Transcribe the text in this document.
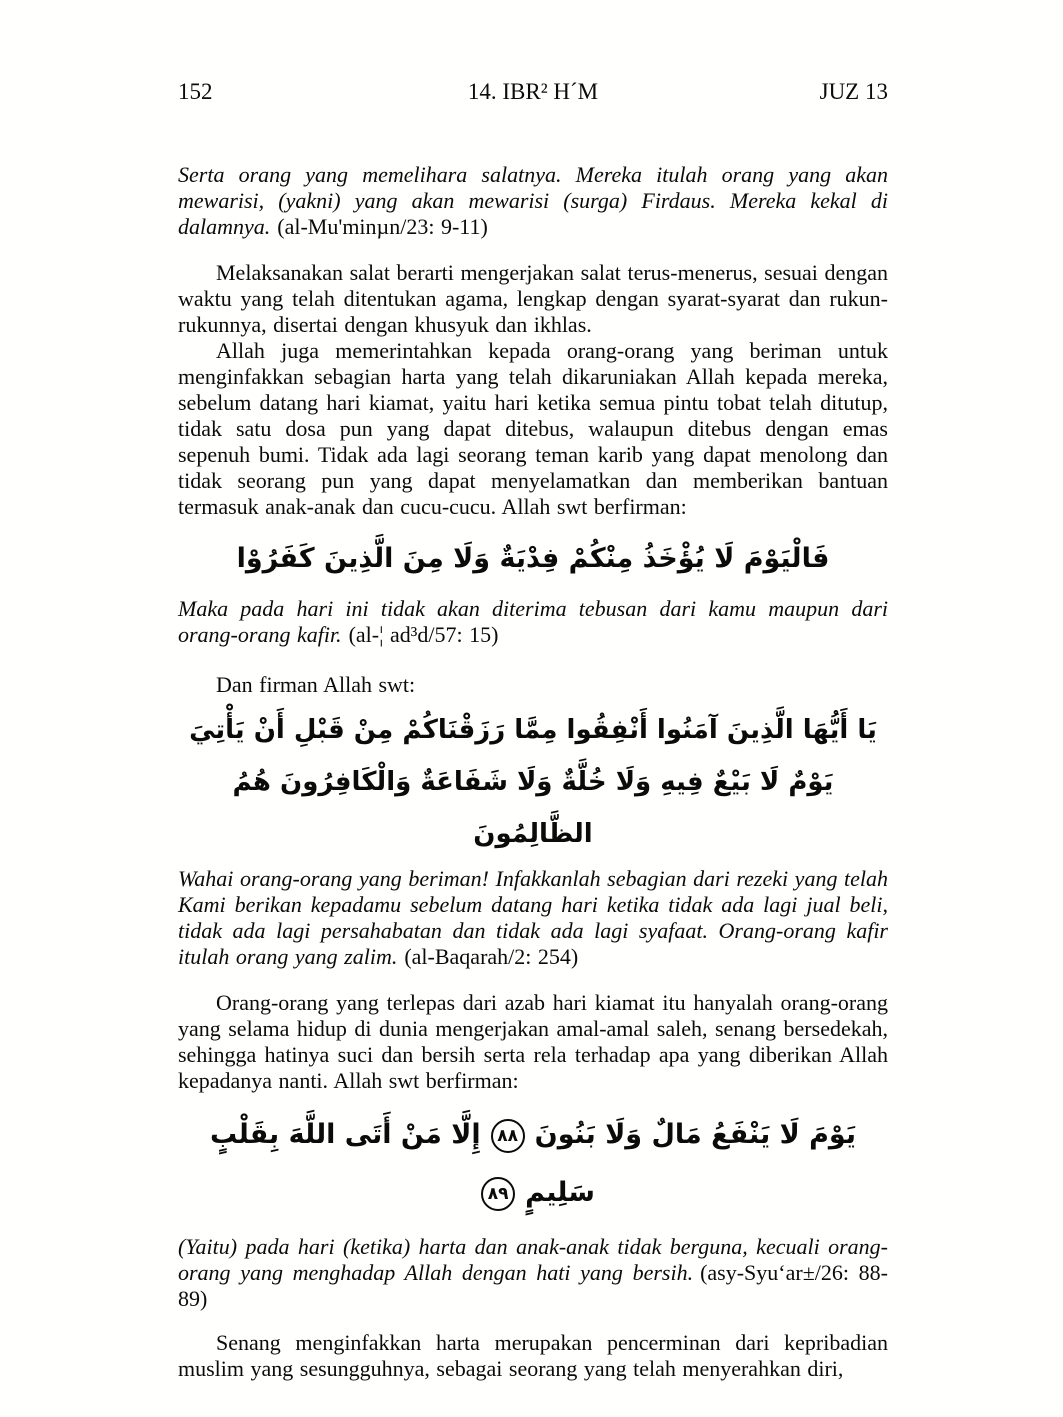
152	14. IBR² H´M	JUZ 13

Serta orang yang memelihara salatnya. Mereka itulah orang yang akan mewarisi, (yakni) yang akan mewarisi (surga) Firdaus. Mereka kekal di dalamnya. (al-Mu'minµn/23: 9-11)

Melaksanakan salat berarti mengerjakan salat terus-menerus, sesuai dengan waktu yang telah ditentukan agama, lengkap dengan syarat-syarat dan rukun-rukunnya, disertai dengan khusyuk dan ikhlas.

Allah juga memerintahkan kepada orang-orang yang beriman untuk menginfakkan sebagian harta yang telah dikaruniakan Allah kepada mereka, sebelum datang hari kiamat, yaitu hari ketika semua pintu tobat telah ditutup, tidak satu dosa pun yang dapat ditebus, walaupun ditebus dengan emas sepenuh bumi. Tidak ada lagi seorang teman karib yang dapat menolong dan tidak seorang pun yang dapat menyelamatkan dan memberikan bantuan termasuk anak-anak dan cucu-cucu. Allah swt berfirman:

فَالْيَوْمَ لَا يُؤْخَذُ مِنْكُمْ فِدْيَةٌ وَلَا مِنَ الَّذِينَ كَفَرُوْا

Maka pada hari ini tidak akan diterima tebusan dari kamu maupun dari orang-orang kafir. (al-¦ ad³d/57: 15)

Dan firman Allah swt:

يَا أَيُّهَا الَّذِينَ آمَنُوا أَنْفِقُوا مِمَّا رَزَقْنَاكُمْ مِنْ قَبْلِ أَنْ يَأْتِيَ يَوْمٌ لَا بَيْعٌ فِيهِ وَلَا خُلَّةٌ وَلَا شَفَاعَةٌ وَالْكَافِرُونَ هُمُ الظَّالِمُونَ

Wahai orang-orang yang beriman! Infakkanlah sebagian dari rezeki yang telah Kami berikan kepadamu sebelum datang hari ketika tidak ada lagi jual beli, tidak ada lagi persahabatan dan tidak ada lagi syafaat. Orang-orang kafir itulah orang yang zalim. (al-Baqarah/2: 254)

Orang-orang yang terlepas dari azab hari kiamat itu hanyalah orang-orang yang selama hidup di dunia mengerjakan amal-amal saleh, senang bersedekah, sehingga hatinya suci dan bersih serta rela terhadap apa yang diberikan Allah kepadanya nanti. Allah swt berfirman:

يَوْمَ لَا يَنْفَعُ مَالٌ وَلَا بَنُونَ٨٨إِلَّا مَنْ أَتَى اللَّهَ بِقَلْبٍ سَلِيمٍ٨٩

(Yaitu) pada hari (ketika) harta dan anak-anak tidak berguna, kecuali orang-orang yang menghadap Allah dengan hati yang bersih. (asy-Syu‘ar±/26: 88-89)

Senang menginfakkan harta merupakan pencerminan dari kepribadian muslim yang sesungguhnya, sebagai seorang yang telah menyerahkan diri,
